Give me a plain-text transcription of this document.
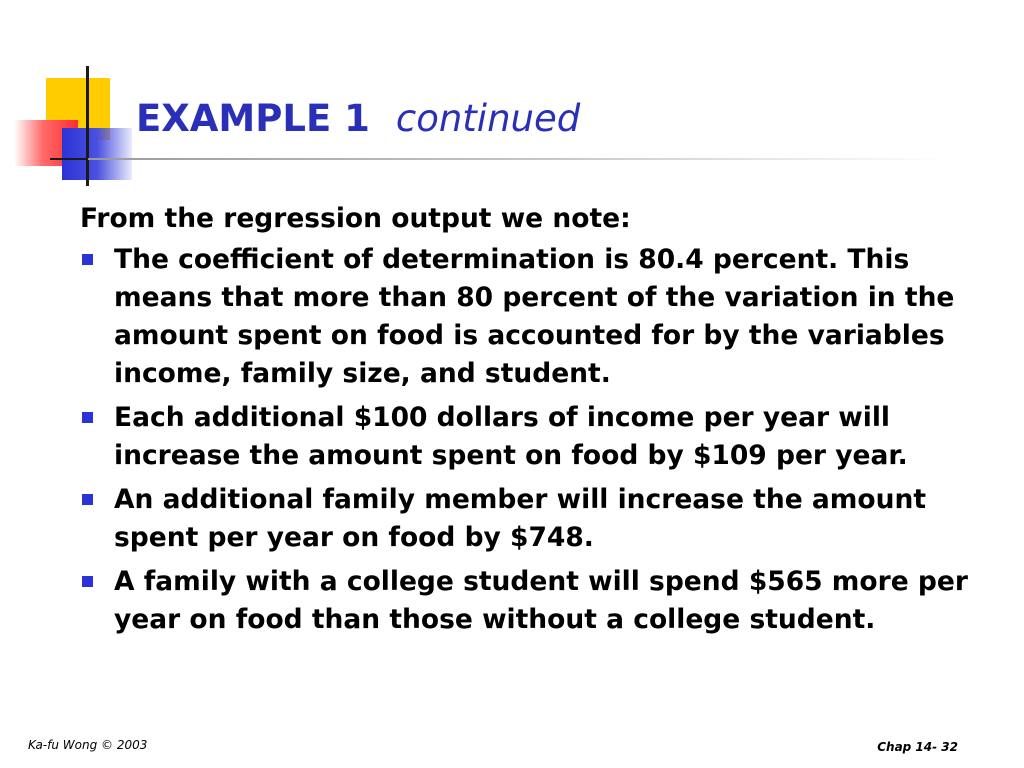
EXAMPLE 1 continued

From the regression output we note:

The coefficient of determination is 80.4 percent. This means that more than 80 percent of the variation in the amount spent on food is accounted for by the variables income, family size, and student.
Each additional $100 dollars of income per year will increase the amount spent on food by $109 per year.
An additional family member will increase the amount spent per year on food by $748.
A family with a college student will spend $565 more per year on food than those without a college student.
Ka-fu Wong © 2003	Chap 14- 32
